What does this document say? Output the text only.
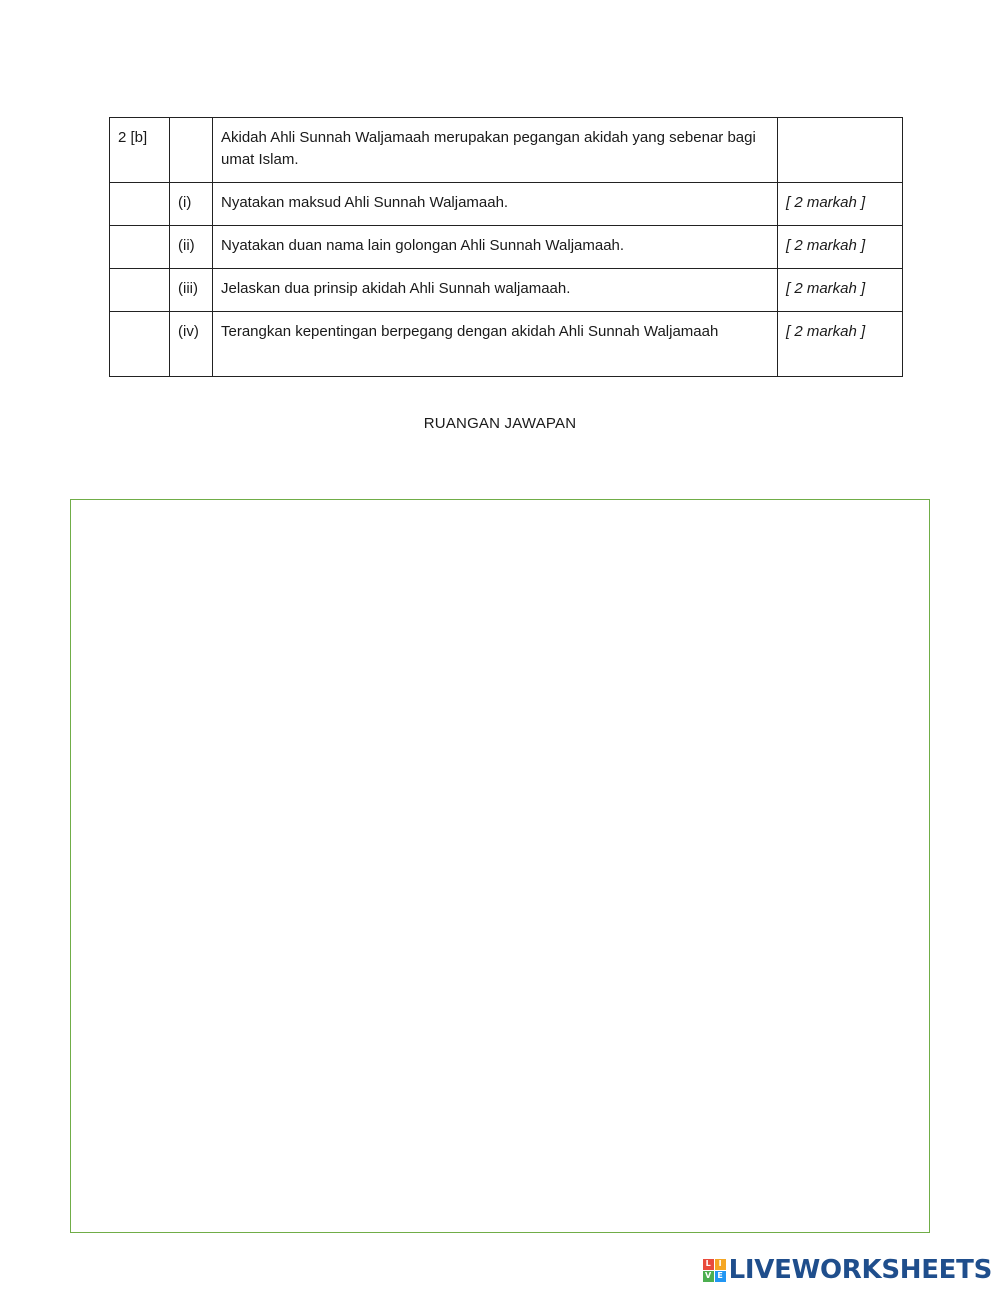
2 [b]		Akidah Ahli Sunnah Waljamaah merupakan pegangan akidah yang sebenar bagi umat Islam.	
	(i)	Nyatakan maksud Ahli Sunnah Waljamaah.	[ 2 markah ]
	(ii)	Nyatakan duan nama lain golongan Ahli Sunnah Waljamaah.	[ 2 markah ]
	(iii)	Jelaskan dua prinsip akidah Ahli Sunnah waljamaah.	[ 2 markah ]
	(iv)	Terangkan kepentingan berpegang dengan akidah Ahli Sunnah Waljamaah	[ 2 markah ]
RUANGAN JAWAPAN
L I
V E LIVEWORKSHEETS
